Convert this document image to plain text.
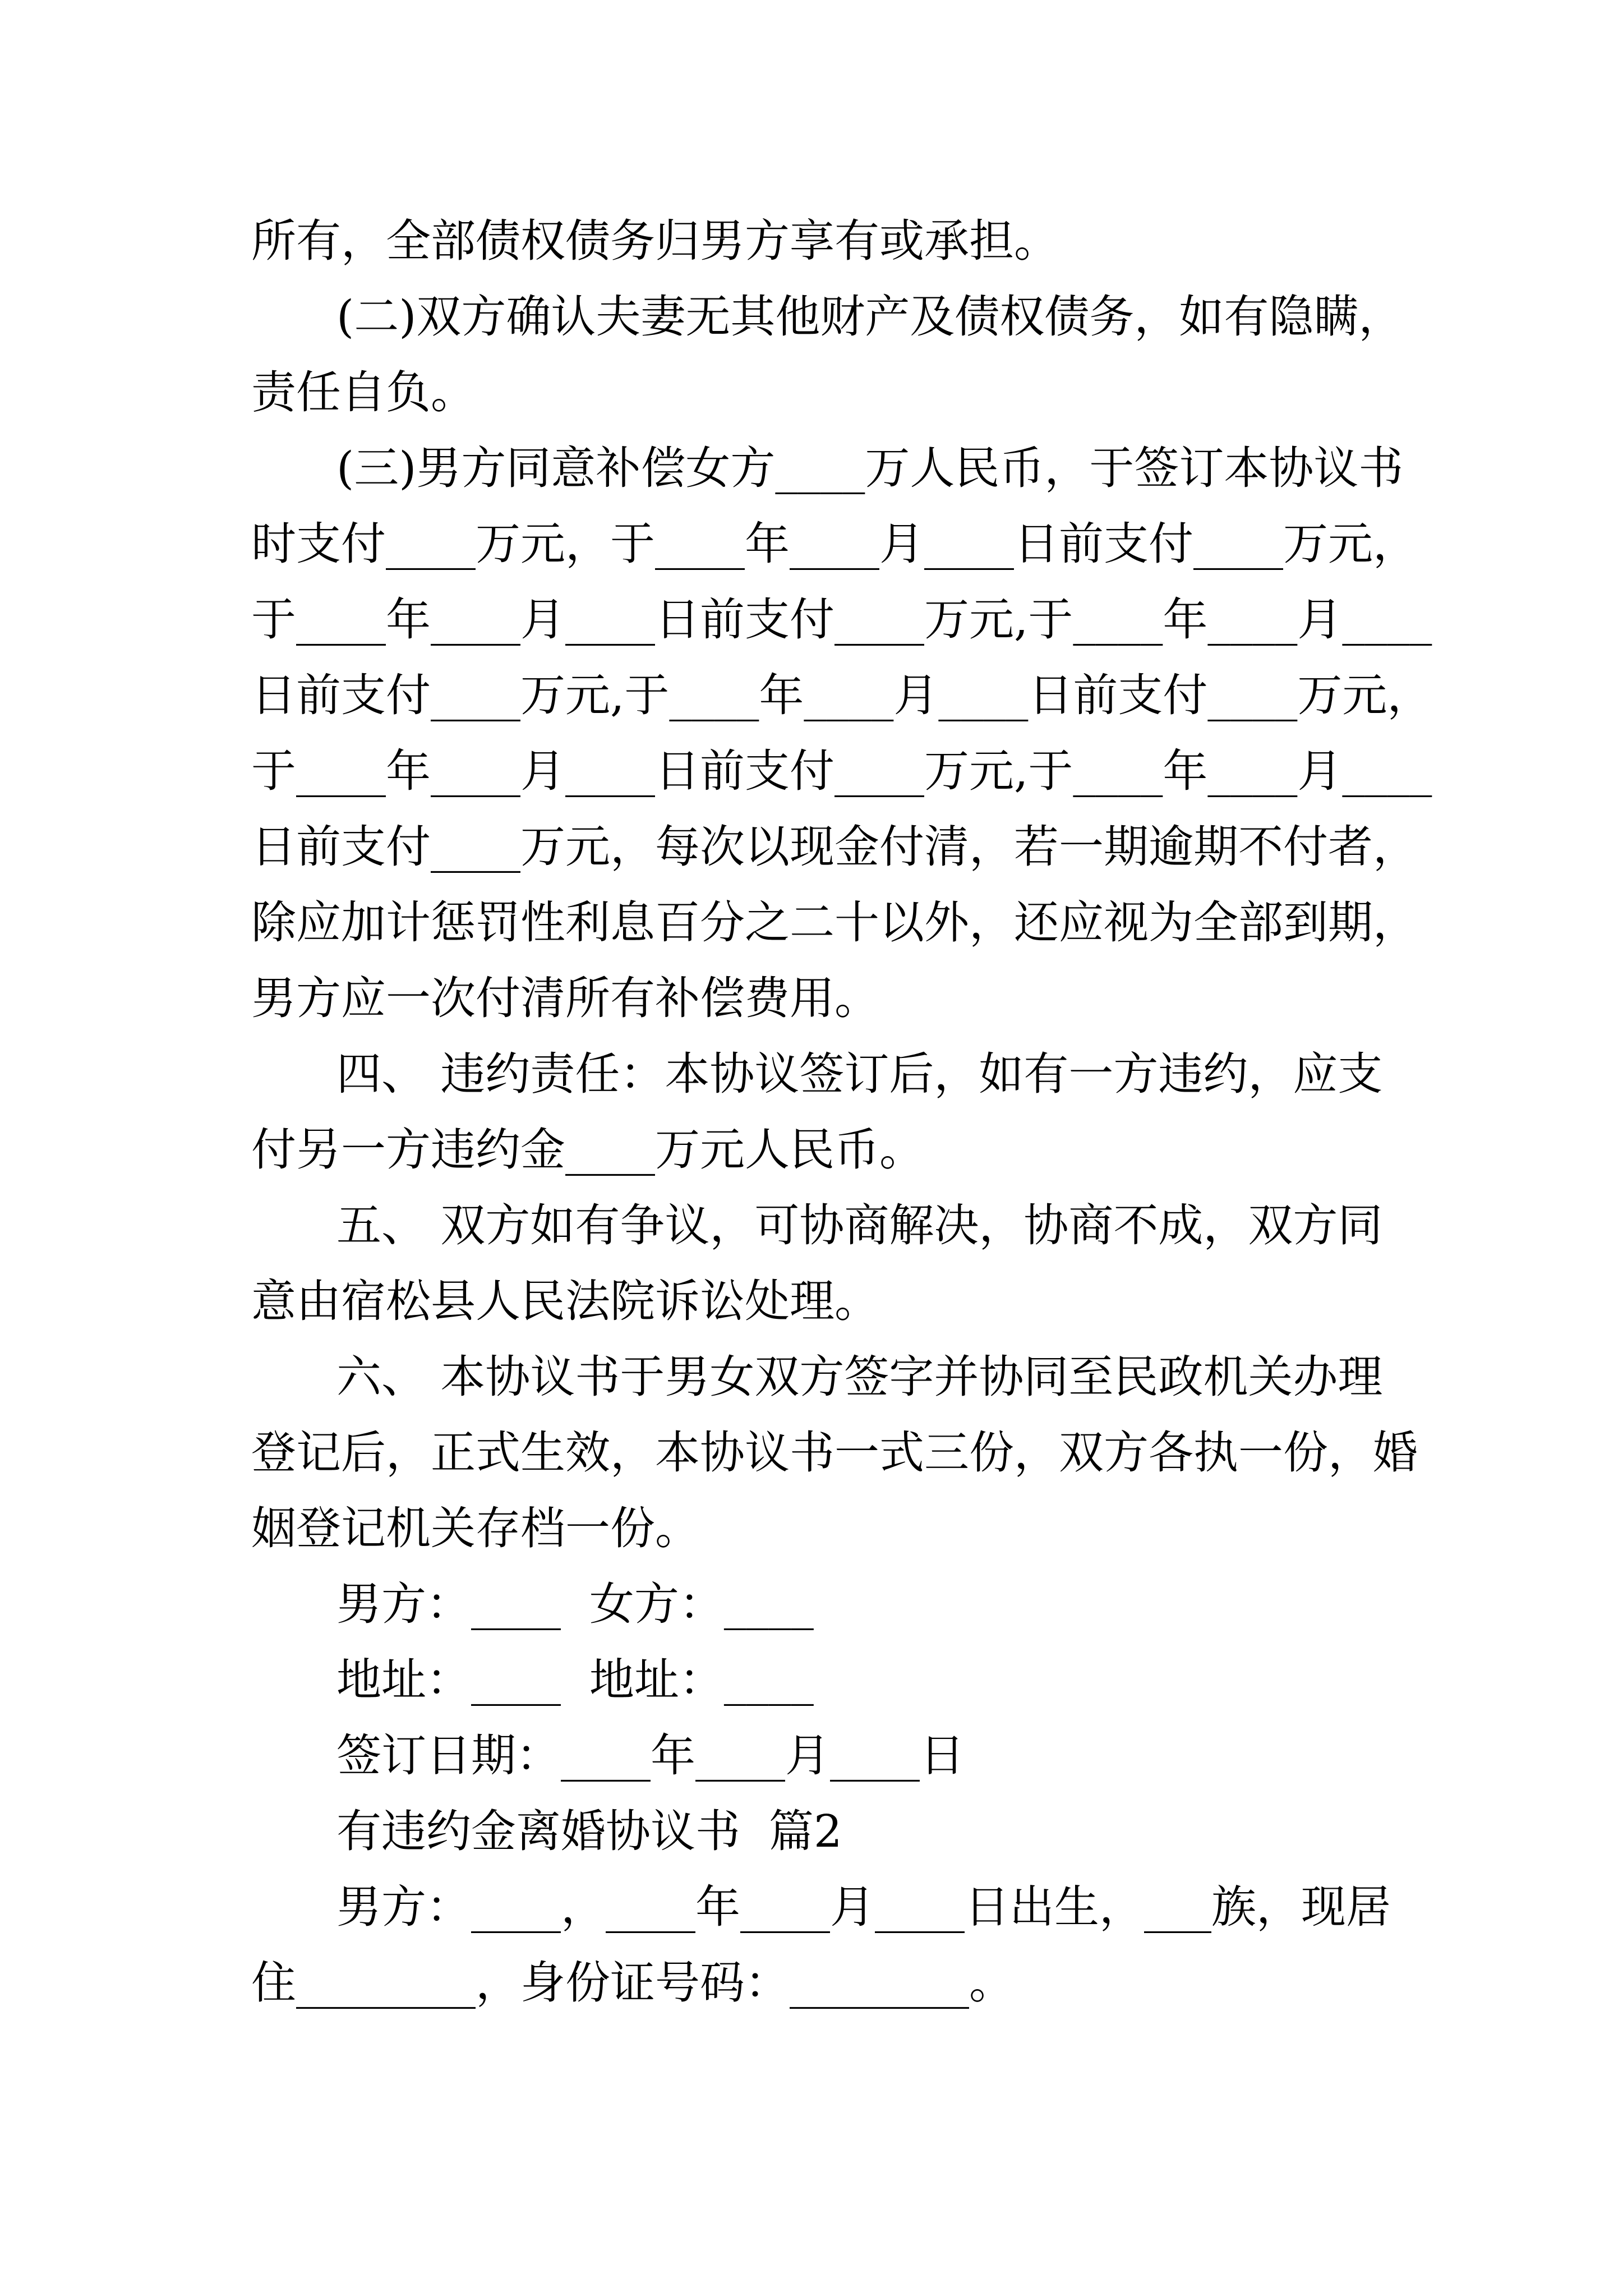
所有，全部债权债务归男方享有或承担。
(二)双方确认夫妻无其他财产及债权债务，如有隐瞒，
责任自负。
(三)男方同意补偿女方____万人民币，于签订本协议书
时支付____万元，于____年____月____日前支付____万元，
于____年____月____日前支付____万元,于____年____月____
日前支付____万元,于____年____月____日前支付____万元，
于____年____月____日前支付____万元,于____年____月____
日前支付____万元，每次以现金付清，若一期逾期不付者，
除应加计惩罚性利息百分之二十以外，还应视为全部到期，
男方应一次付清所有补偿费用。
四、 违约责任：本协议签订后，如有一方违约，应支
付另一方违约金____万元人民币。
五、 双方如有争议，可协商解决，协商不成，双方同
意由宿松县人民法院诉讼处理。
六、 本协议书于男女双方签字并协同至民政机关办理
登记后，正式生效，本协议书一式三份，双方各执一份，婚
姻登记机关存档一份。
男方：____  女方：____
地址：____  地址：____
签订日期：____年____月____日
有违约金离婚协议书  篇2
男方：____，____年____月____日出生，___族，现居
住________，身份证号码：________。
